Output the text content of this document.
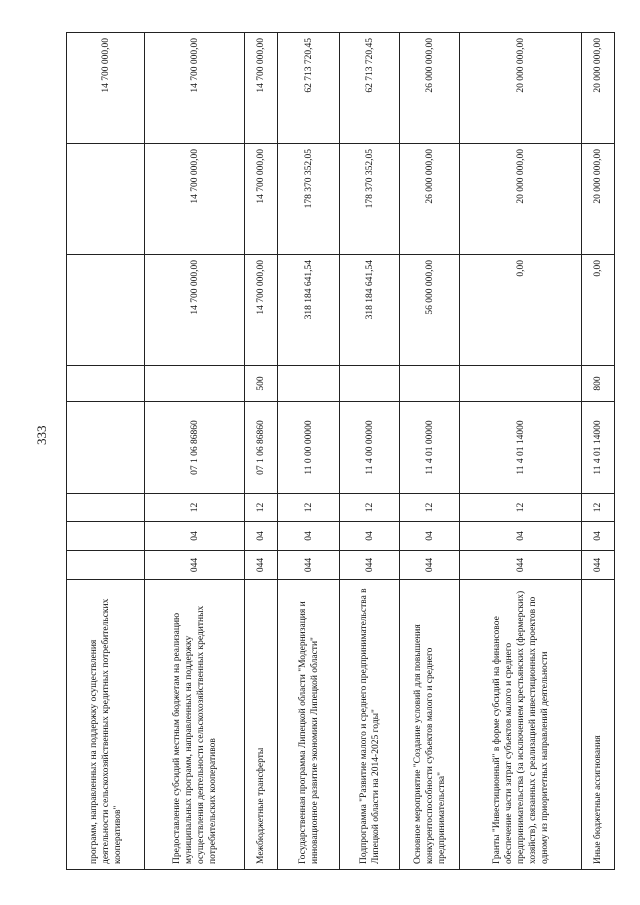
333
программ, направленных на поддержку осуществления деятельности сельскохозяйственных кредитных потребительских кооперативов"								14 700 000,00
Предоставление субсидий местным бюджетам на реализацию муниципальных программ, направленных на поддержку осуществления деятельности сельскохозяйственных кредитных потребительских кооперативов	044	04	12	07 1 06 86860		14 700 000,00	14 700 000,00	14 700 000,00
Межбюджетные трансферты	044	04	12	07 1 06 86860	500	14 700 000,00	14 700 000,00	14 700 000,00
Государственная программа Липецкой области "Модернизация и инновационное развитие экономики Липецкой области"	044	04	12	11 0 00 00000		318 184 641,54	178 370 352,05	62 713 720,45
Подпрограмма "Развитие малого и среднего предпринимательства в Липецкой области на 2014-2025 годы"	044	04	12	11 4 00 00000		318 184 641,54	178 370 352,05	62 713 720,45
Основное мероприятие "Создание условий для повышения конкурентоспособности субъектов малого и среднего предпринимательства"	044	04	12	11 4 01 00000		56 000 000,00	26 000 000,00	26 000 000,00
Гранты "Инвестиционный" в форме субсидий на финансовое обеспечение части затрат субъектов малого и среднего предпринимательства (за исключением крестьянских (фермерских) хозяйств), связанных с реализацией инвестиционных проектов по одному из приоритетных направлений деятельности	044	04	12	11 4 01 14000		0,00	20 000 000,00	20 000 000,00
Иные бюджетные ассигнования	044	04	12	11 4 01 14000	800	0,00	20 000 000,00	20 000 000,00
